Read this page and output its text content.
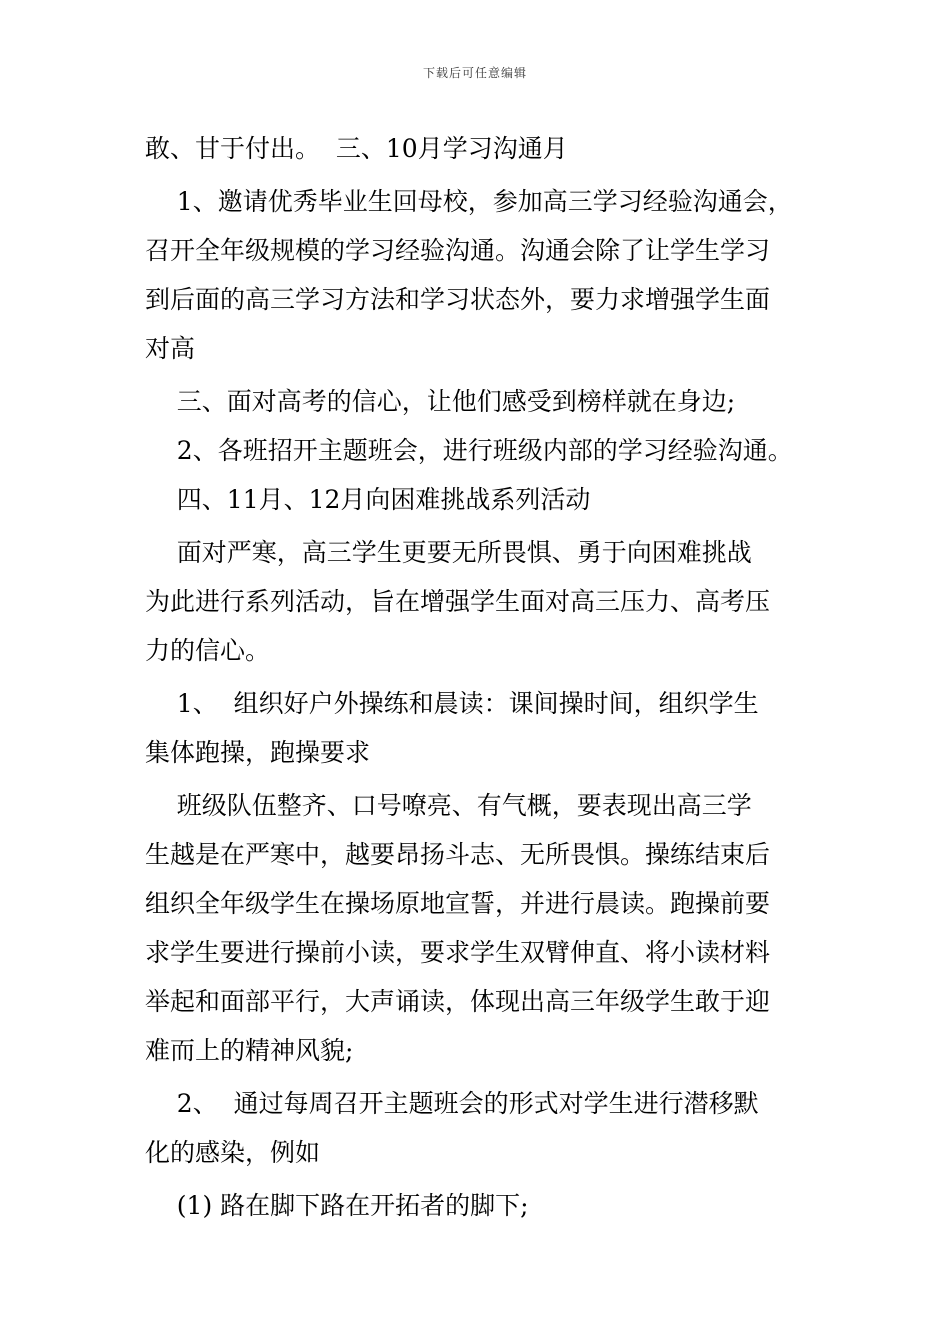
下载后可任意编辑

敢、甘于付出。  三、10月学习沟通月

1、邀请优秀毕业生回母校，参加高三学习经验沟通会，

召开全年级规模的学习经验沟通。沟通会除了让学生学习

到后面的高三学习方法和学习状态外，要力求增强学生面

对高

三、面对高考的信心，让他们感受到榜样就在身边;

2、各班招开主题班会，进行班级内部的学习经验沟通。

四、11月、12月向困难挑战系列活动

面对严寒，高三学生更要无所畏惧、勇于向困难挑战

为此进行系列活动，旨在增强学生面对高三压力、高考压

力的信心。

1、  组织好户外操练和晨读：课间操时间，组织学生

集体跑操，跑操要求

班级队伍整齐、口号嘹亮、有气概，要表现出高三学

生越是在严寒中，越要昂扬斗志、无所畏惧。操练结束后

组织全年级学生在操场原地宣誓，并进行晨读。跑操前要

求学生要进行操前小读，要求学生双臂伸直、将小读材料

举起和面部平行，大声诵读，体现出高三年级学生敢于迎

难而上的精神风貌;

2、  通过每周召开主题班会的形式对学生进行潜移默

化的感染，例如

(1) 路在脚下路在开拓者的脚下;
